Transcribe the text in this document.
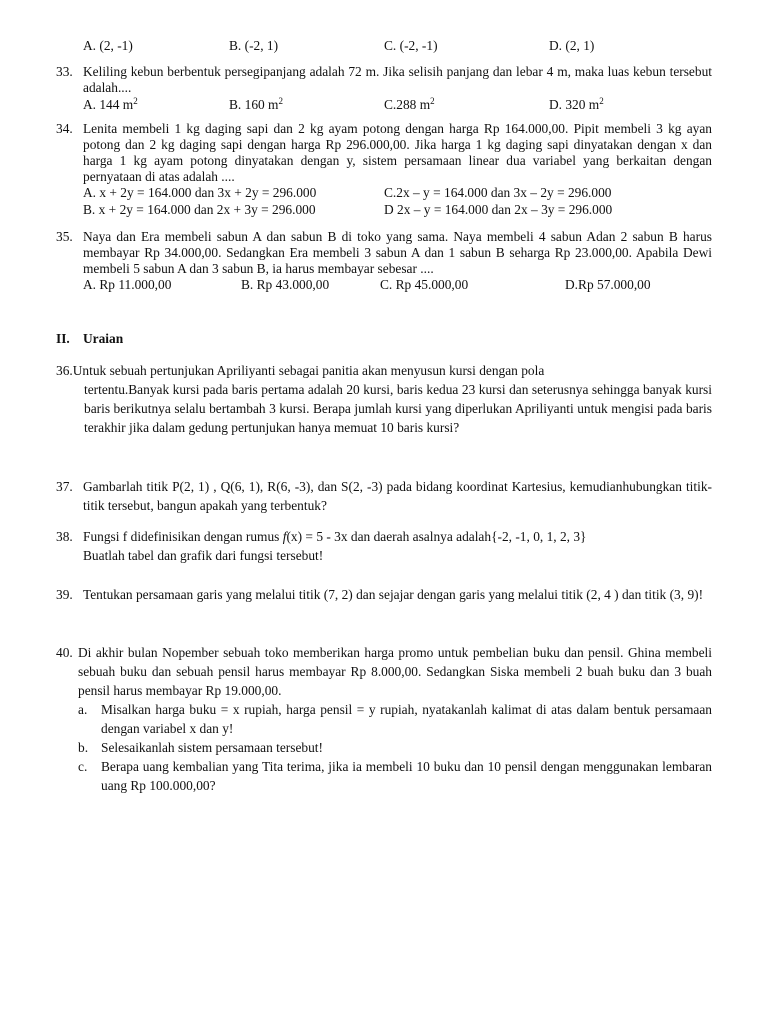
A. (2, -1)	B. (-2, 1)	C. (-2, -1)	D. (2, 1)
33. Keliling kebun berbentuk persegipanjang adalah 72 m. Jika selisih panjang dan lebar 4 m, maka luas kebun tersebut adalah....

A. 144 $m^2$	B. 160 $m^2$	C.288 $m^2$	D. 320 $m^2$
34. Lenita membeli 1 kg daging sapi dan 2 kg ayam potong dengan harga Rp 164.000,00. Pipit membeli 3 kg ayan potong dan 2 kg daging sapi dengan harga Rp 296.000,00. Jika harga 1 kg daging sapi dinyatakan dengan x dan harga 1 kg ayam potong dinyatakan dengan y, sistem persamaan linear dua variabel yang berkaitan dengan pernyataan di atas adalah ....

A. x + 2y = 164.000 dan 3x + 2y = 296.000	C.2x – y = 164.000 dan 3x – 2y = 296.000
B. x + 2y = 164.000 dan 2x + 3y = 296.000	D 2x – y = 164.000 dan 2x – 3y = 296.000
35. Naya dan Era membeli sabun A dan sabun B di toko yang sama. Naya membeli 4 sabun Adan 2 sabun B harus membayar Rp 34.000,00. Sedangkan Era membeli 3 sabun A dan 1 sabun B seharga Rp 23.000,00. Apabila Dewi membeli 5 sabun A dan 3 sabun B, ia harus membayar sebesar ....

A. Rp 11.000,00	B. Rp 43.000,00	C. Rp 45.000,00	D.Rp 57.000,00
II. Uraian
36.Untuk sebuah pertunjukan Apriliyanti sebagai panitia akan menyusun kursi dengan pola
tertentu.Banyak kursi pada baris pertama adalah 20 kursi, baris kedua 23 kursi dan seterusnya sehingga banyak kursi baris berikutnya selalu bertambah 3 kursi. Berapa jumlah kursi yang diperlukan Apriliyanti untuk mengisi pada baris terakhir jika dalam gedung pertunjukan hanya memuat 10 baris kursi?
37. Gambarlah titik P(2, 1) , Q(6, 1), R(6, -3), dan S(2, -3) pada bidang koordinat Kartesius, kemudianhubungkan titik-titik tersebut, bangun apakah yang terbentuk?
38. Fungsi f didefinisikan dengan rumus f(x) = 5 - 3x dan daerah asalnya adalah{-2, -1, 0, 1, 2, 3}
Buatlah tabel dan grafik dari fungsi tersebut!
39. Tentukan persamaan garis yang melalui titik (7, 2) dan sejajar dengan garis yang melalui titik (2, 4 ) dan titik (3, 9)!
40. Di akhir bulan Nopember sebuah toko memberikan harga promo untuk pembelian buku dan pensil. Ghina membeli sebuah buku dan sebuah pensil harus membayar Rp 8.000,00. Sedangkan Siska membeli 2 buah buku dan 3 buah pensil harus membayar Rp 19.000,00.
a. Misalkan harga buku = x rupiah, harga pensil = y rupiah, nyatakanlah kalimat di atas dalam bentuk persamaan dengan variabel x dan y!
b. Selesaikanlah sistem persamaan tersebut!
c. Berapa uang kembalian yang Tita terima, jika ia membeli 10 buku dan 10 pensil dengan menggunakan lembaran uang Rp 100.000,00?
